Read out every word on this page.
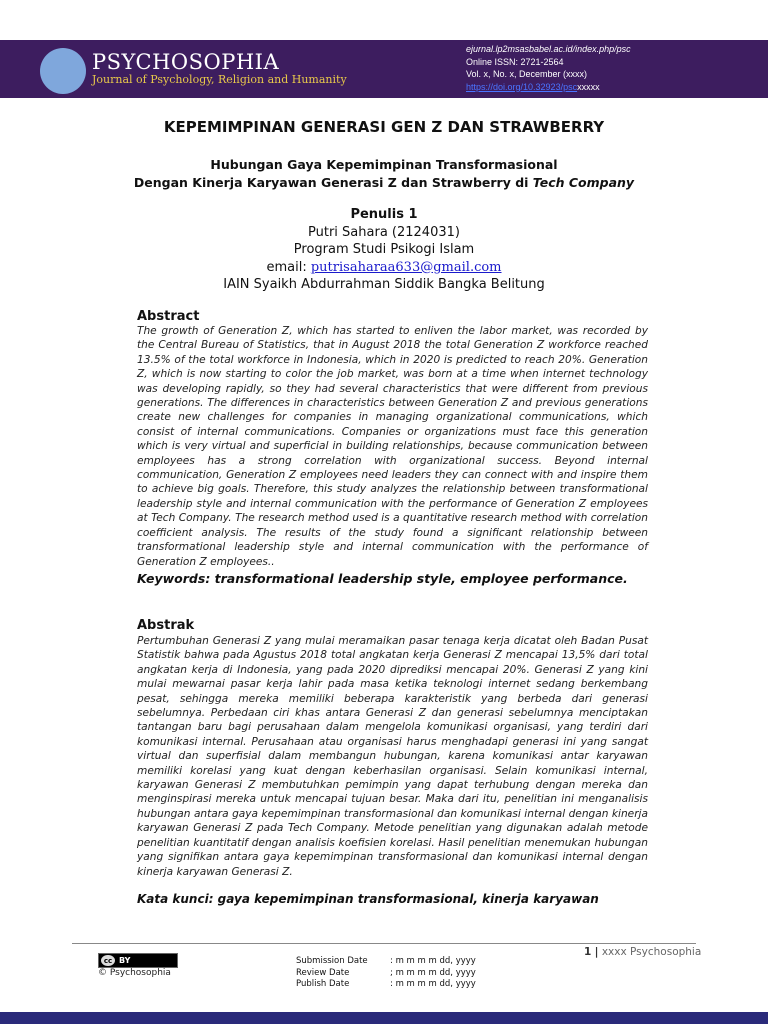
PSYCHOSOPHIA
Journal of Psychology, Religion and Humanity
ejurnal.lp2msasbabel.ac.id/index.php/psc
Online ISSN: 2721-2564
Vol. x, No. x, December (xxxx)
https://doi.org/10.32923/pscxxxxx
KEPEMIMPINAN GENERASI GEN Z DAN STRAWBERRY
Hubungan Gaya Kepemimpinan Transformasional
Dengan Kinerja Karyawan Generasi Z dan Strawberry di Tech Company
Penulis 1
Putri Sahara (2124031)
Program Studi Psikogi Islam
email: putrisaharaa633@gmail.com
IAIN Syaikh Abdurrahman Siddik Bangka Belitung

Abstract

The growth of Generation Z, which has started to enliven the labor market, was recorded by the Central Bureau of Statistics, that in August 2018 the total Generation Z workforce reached 13.5% of the total workforce in Indonesia, which in 2020 is predicted to reach 20%. Generation Z, which is now starting to color the job market, was born at a time when internet technology was developing rapidly, so they had several characteristics that were different from previous generations. The differences in characteristics between Generation Z and previous generations create new challenges for companies in managing organizational communications, which consist of internal communications. Companies or organizations must face this generation which is very virtual and superficial in building relationships, because communication between employees has a strong correlation with organizational success. Beyond internal communication, Generation Z employees need leaders they can connect with and inspire them to achieve big goals. Therefore, this study analyzes the relationship between transformational leadership style and internal communication with the performance of Generation Z employees at Tech Company. The research method used is a quantitative research method with correlation coefficient analysis. The results of the study found a significant relationship between transformational leadership style and internal communication with the performance of Generation Z employees..

Keywords: transformational leadership style, employee performance.

Abstrak

Pertumbuhan Generasi Z yang mulai meramaikan pasar tenaga kerja dicatat oleh Badan Pusat Statistik bahwa pada Agustus 2018 total angkatan kerja Generasi Z mencapai 13,5% dari total angkatan kerja di Indonesia, yang pada 2020 diprediksi mencapai 20%. Generasi Z yang kini mulai mewarnai pasar kerja lahir pada masa ketika teknologi internet sedang berkembang pesat, sehingga mereka memiliki beberapa karakteristik yang berbeda dari generasi sebelumnya. Perbedaan ciri khas antara Generasi Z dan generasi sebelumnya menciptakan tantangan baru bagi perusahaan dalam mengelola komunikasi organisasi, yang terdiri dari komunikasi internal. Perusahaan atau organisasi harus menghadapi generasi ini yang sangat virtual dan superfisial dalam membangun hubungan, karena komunikasi antar karyawan memiliki korelasi yang kuat dengan keberhasilan organisasi. Selain komunikasi internal, karyawan Generasi Z membutuhkan pemimpin yang dapat terhubung dengan mereka dan menginspirasi mereka untuk mencapai tujuan besar. Maka dari itu, penelitian ini menganalisis hubungan antara gaya kepemimpinan transformasional dan komunikasi internal dengan kinerja karyawan Generasi Z pada Tech Company. Metode penelitian yang digunakan adalah metode penelitian kuantitatif dengan analisis koefisien korelasi. Hasil penelitian menemukan hubungan yang signifikan antara gaya kepemimpinan transformasional dan komunikasi internal dengan kinerja karyawan Generasi Z.

Kata kunci: gaya kepemimpinan transformasional, kinerja karyawan

cc BY
© Psychosophia
Submission Date	: m m m m dd, yyyy
Review Date	; m m m m dd, yyyy
Publish Date	: m m m m dd, yyyy
1 | xxxx Psychosophia
